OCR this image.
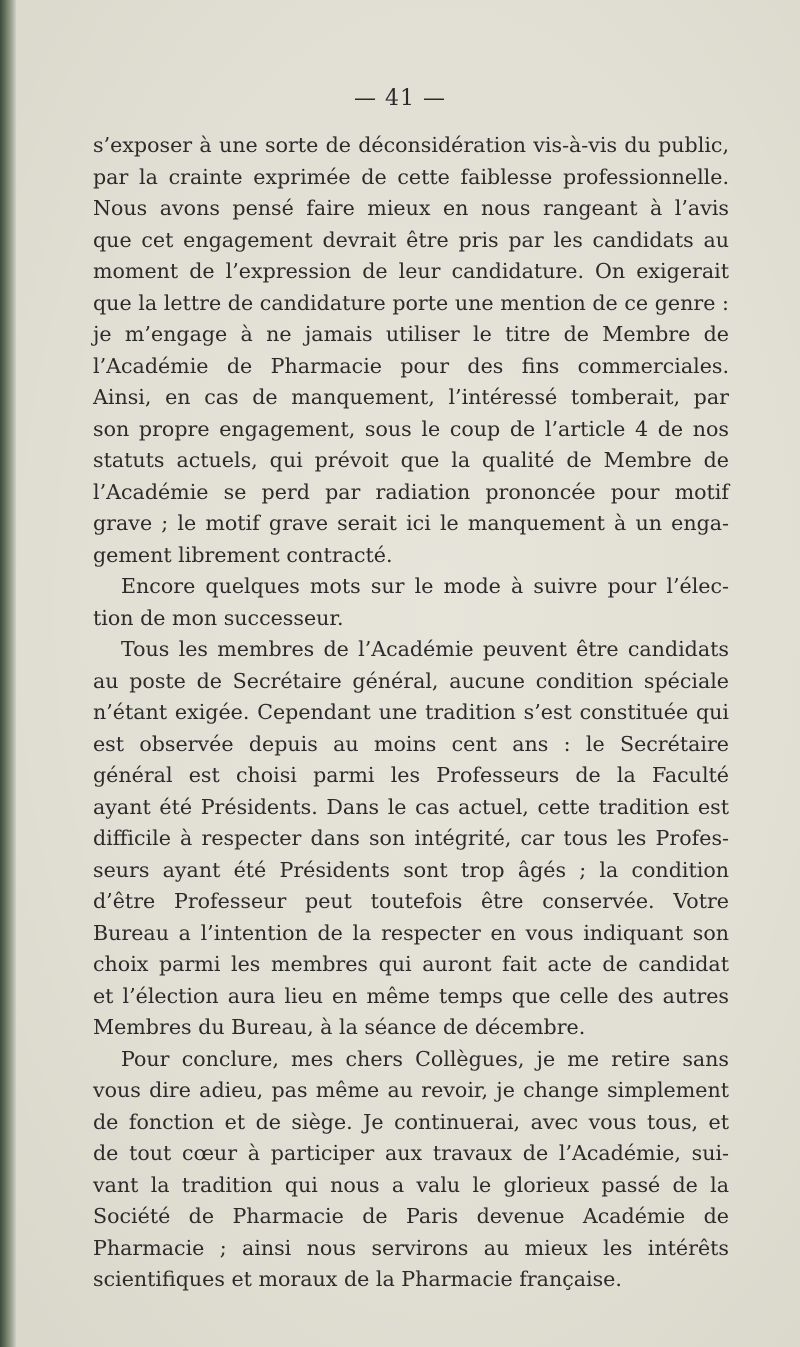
— 41 —
s’exposer à une sorte de déconsidération vis-à-vis du public,
par la crainte exprimée de cette faiblesse professionnelle.
Nous avons pensé faire mieux en nous rangeant à l’avis
que cet engagement devrait être pris par les candidats au
moment de l’expression de leur candidature. On exigerait
que la lettre de candidature porte une mention de ce genre :
je m’engage à ne jamais utiliser le titre de Membre de
l’Académie de Pharmacie pour des fins commerciales.
Ainsi, en cas de manquement, l’intéressé tomberait, par
son propre engagement, sous le coup de l’article 4 de nos
statuts actuels, qui prévoit que la qualité de Membre de
l’Académie se perd par radiation prononcée pour motif
grave ; le motif grave serait ici le manquement à un enga-
gement librement contracté.
Encore quelques mots sur le mode à suivre pour l’élec-
tion de mon successeur.
Tous les membres de l’Académie peuvent être candidats
au poste de Secrétaire général, aucune condition spéciale
n’étant exigée. Cependant une tradition s’est constituée qui
est observée depuis au moins cent ans : le Secrétaire
général est choisi parmi les Professeurs de la Faculté
ayant été Présidents. Dans le cas actuel, cette tradition est
difficile à respecter dans son intégrité, car tous les Profes-
seurs ayant été Présidents sont trop âgés ; la condition
d’être Professeur peut toutefois être conservée. Votre
Bureau a l’intention de la respecter en vous indiquant son
choix parmi les membres qui auront fait acte de candidat
et l’élection aura lieu en même temps que celle des autres
Membres du Bureau, à la séance de décembre.
Pour conclure, mes chers Collègues, je me retire sans
vous dire adieu, pas même au revoir, je change simplement
de fonction et de siège. Je continuerai, avec vous tous, et
de tout cœur à participer aux travaux de l’Académie, sui-
vant la tradition qui nous a valu le glorieux passé de la
Société de Pharmacie de Paris devenue Académie de
Pharmacie ; ainsi nous servirons au mieux les intérêts
scientifiques et moraux de la Pharmacie française.
